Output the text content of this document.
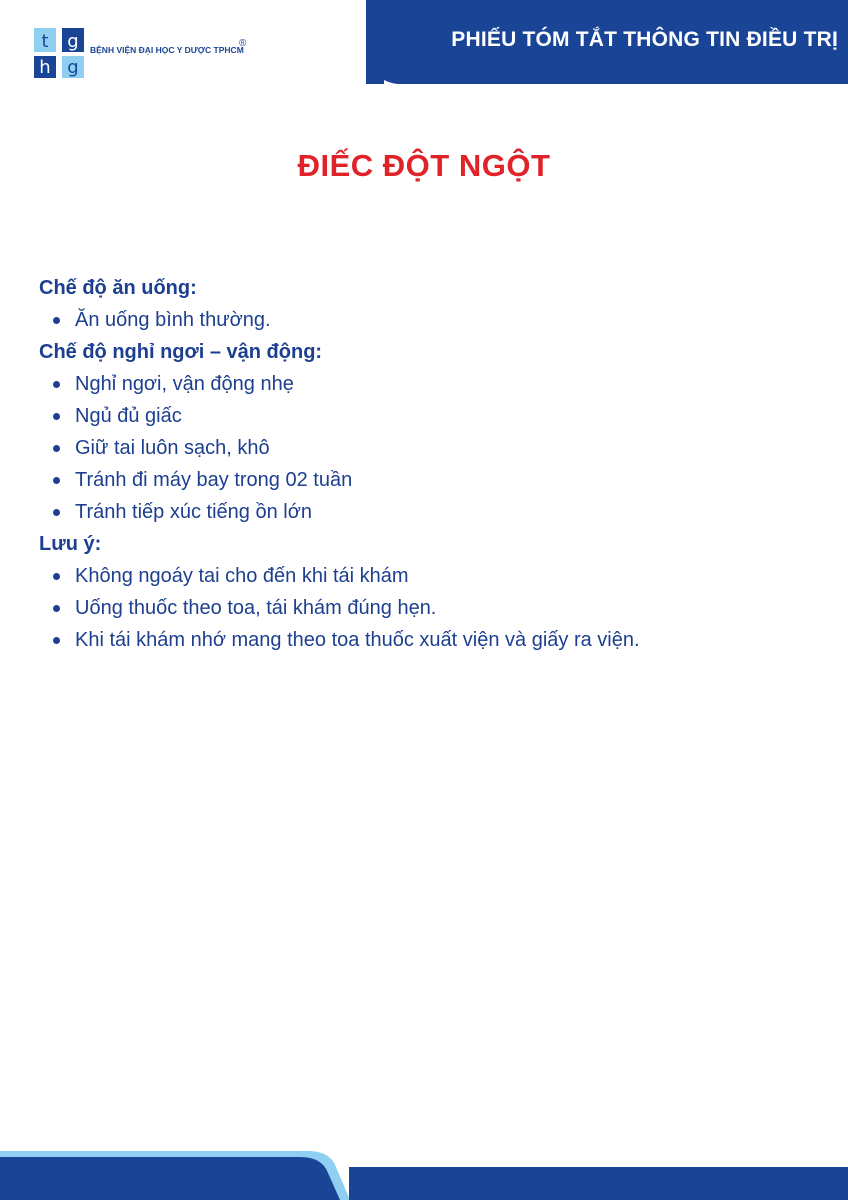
PHIẾU TÓM TẮT THÔNG TIN ĐIỀU TRỊ
t g
h g
BỆNH VIỆN ĐẠI HỌC Y DƯỢC TPHCM
®
ĐIẾC ĐỘT NGỘT
Chế độ ăn uống:
Ăn uống bình thường.
Chế độ nghỉ ngơi – vận động:
Nghỉ ngơi, vận động nhẹ
Ngủ đủ giấc
Giữ tai luôn sạch, khô
Tránh đi máy bay trong 02 tuần
Tránh tiếp xúc tiếng ồn lớn
Lưu ý:
Không ngoáy tai cho đến khi tái khám
Uống thuốc theo toa, tái khám đúng hẹn.
Khi tái khám nhớ mang theo toa thuốc xuất viện và giấy ra viện.
